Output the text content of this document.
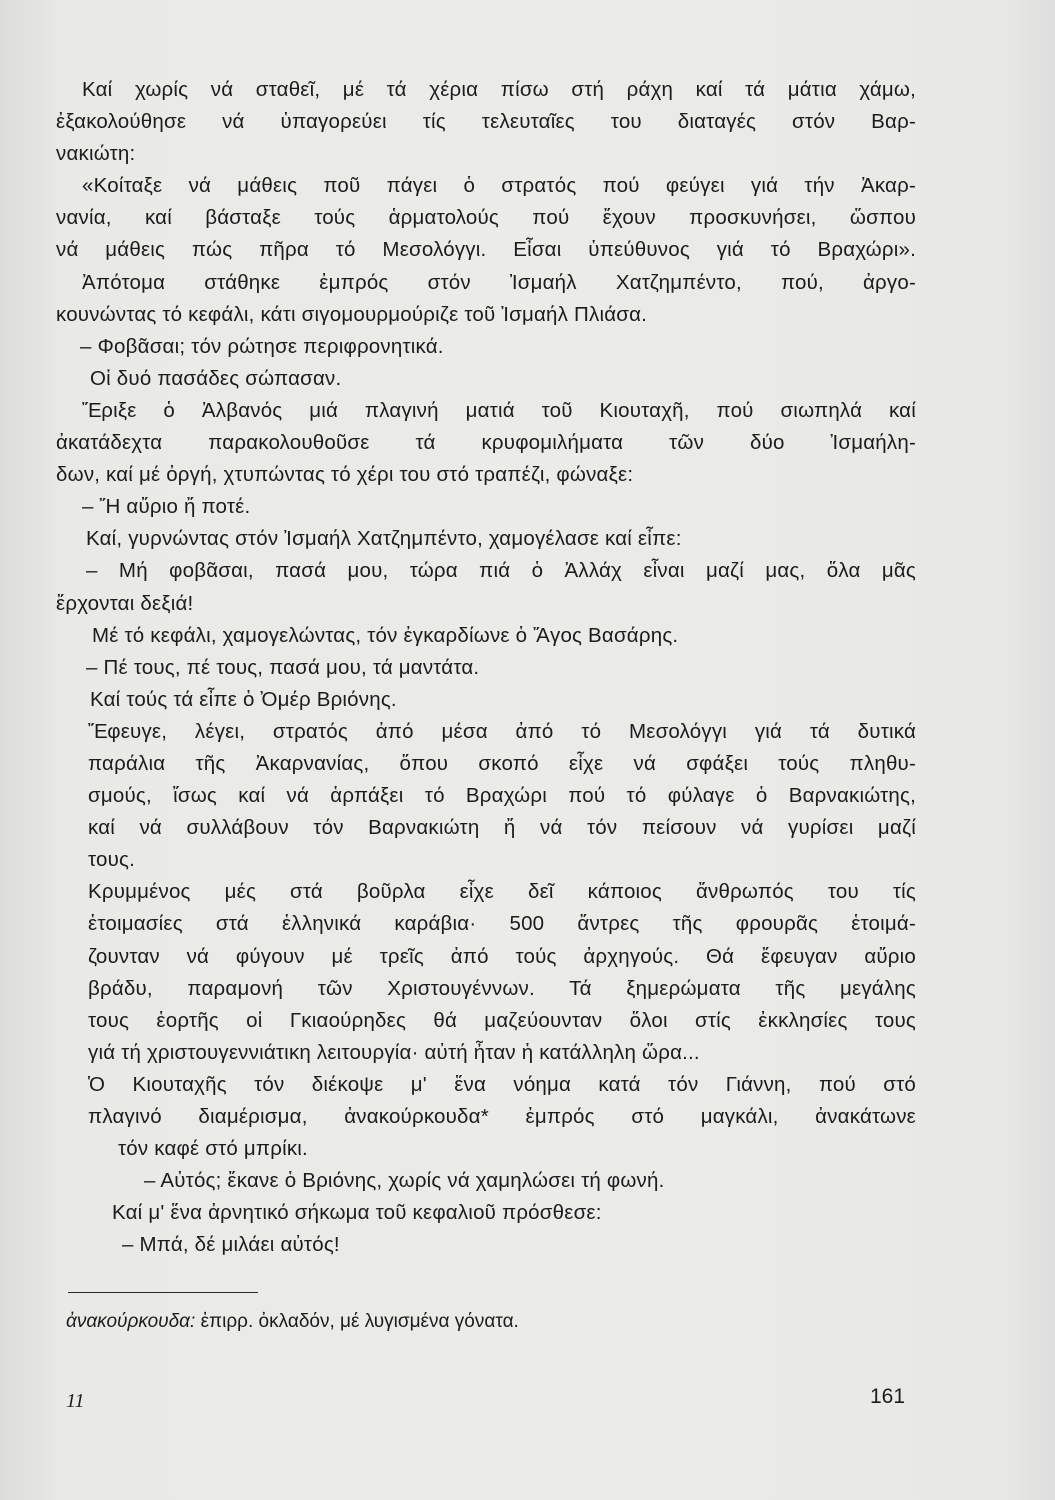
Καί χωρίς νά σταθεῖ, μέ τά χέρια πίσω στή ράχη καί τά μάτια χάμω,
ἐξακολούθησε νά ὑπαγορεύει τίς τελευταῖες του διαταγές στόν Βαρ-
νακιώτη:
«Κοίταξε νά μάθεις ποῦ πάγει ὁ στρατός πού φεύγει γιά τήν Ἀκαρ-
νανία, καί βάσταξε τούς ἁρματολούς πού ἔχουν προσκυνήσει, ὥσπου
νά μάθεις πώς πῆρα τό Μεσολόγγι. Εἶσαι ὑπεύθυνος γιά τό Βραχώρι».
Ἀπότομα στάθηκε ἐμπρός στόν Ἰσμαήλ Χατζημπέντο, πού, ἀργο-
κουνώντας τό κεφάλι, κάτι σιγομουρμούριζε τοῦ Ἰσμαήλ Πλιάσα.
– Φοβᾶσαι; τόν ρώτησε περιφρονητικά.
Οἱ δυό πασάδες σώπασαν.
Ἔριξε ὁ Ἀλβανός μιά πλαγινή ματιά τοῦ Κιουταχῆ, πού σιωπηλά καί
ἀκατάδεχτα παρακολουθοῦσε τά κρυφομιλήματα τῶν δύο Ἰσμαήλη-
δων, καί μέ ὀργή, χτυπώντας τό χέρι του στό τραπέζι, φώναξε:
– Ἤ αὔριο ἤ ποτέ.
Καί, γυρνώντας στόν Ἰσμαήλ Χατζημπέντο, χαμογέλασε καί εἶπε:
– Μή φοβᾶσαι, πασά μου, τώρα πιά ὁ Ἀλλάχ εἶναι μαζί μας, ὅλα μᾶς
ἔρχονται δεξιά!
Μέ τό κεφάλι, χαμογελώντας, τόν ἐγκαρδίωνε ὁ Ἄγος Βασάρης.
– Πέ τους, πέ τους, πασά μου, τά μαντάτα.
Καί τούς τά εἶπε ὁ Ὀμέρ Βριόνης.
Ἔφευγε, λέγει, στρατός ἀπό μέσα ἀπό τό Μεσολόγγι γιά τά δυτικά
παράλια τῆς Ἀκαρνανίας, ὅπου σκοπό εἶχε νά σφάξει τούς πληθυ-
σμούς, ἴσως καί νά ἁρπάξει τό Βραχώρι πού τό φύλαγε ὁ Βαρνακιώτης,
καί νά συλλάβουν τόν Βαρνακιώτη ἤ νά τόν πείσουν νά γυρίσει μαζί
τους.
Κρυμμένος μές στά βοῦρλα εἶχε δεῖ κάποιος ἄνθρωπός του τίς
ἑτοιμασίες στά ἑλληνικά καράβια· 500 ἄντρες τῆς φρουρᾶς ἑτοιμά-
ζουνταν νά φύγουν μέ τρεῖς ἀπό τούς ἀρχηγούς. Θά ἔφευγαν αὔριο
βράδυ, παραμονή τῶν Χριστουγέννων. Τά ξημερώματα τῆς μεγάλης
τους ἑορτῆς οἱ Γκιαούρηδες θά μαζεύουνταν ὅλοι στίς ἐκκλησίες τους
γιά τή χριστουγεννιάτικη λειτουργία· αὐτή ἦταν ἡ κατάλληλη ὥρα...
Ὁ Κιουταχῆς τόν διέκοψε μ' ἕνα νόημα κατά τόν Γιάννη, πού στό
πλαγινό διαμέρισμα, ἀνακούρκουδα* ἐμπρός στό μαγκάλι, ἀνακάτωνε
τόν καφέ στό μπρίκι.
– Αὐτός; ἔκανε ὁ Βριόνης, χωρίς νά χαμηλώσει τή φωνή.
Καί μ' ἕνα ἀρνητικό σήκωμα τοῦ κεφαλιοῦ πρόσθεσε:
– Μπά, δέ μιλάει αὐτός!
ἀνακούρκουδα: ἐπιρρ. ὀκλαδόν, μέ λυγισμένα γόνατα.
11	161
